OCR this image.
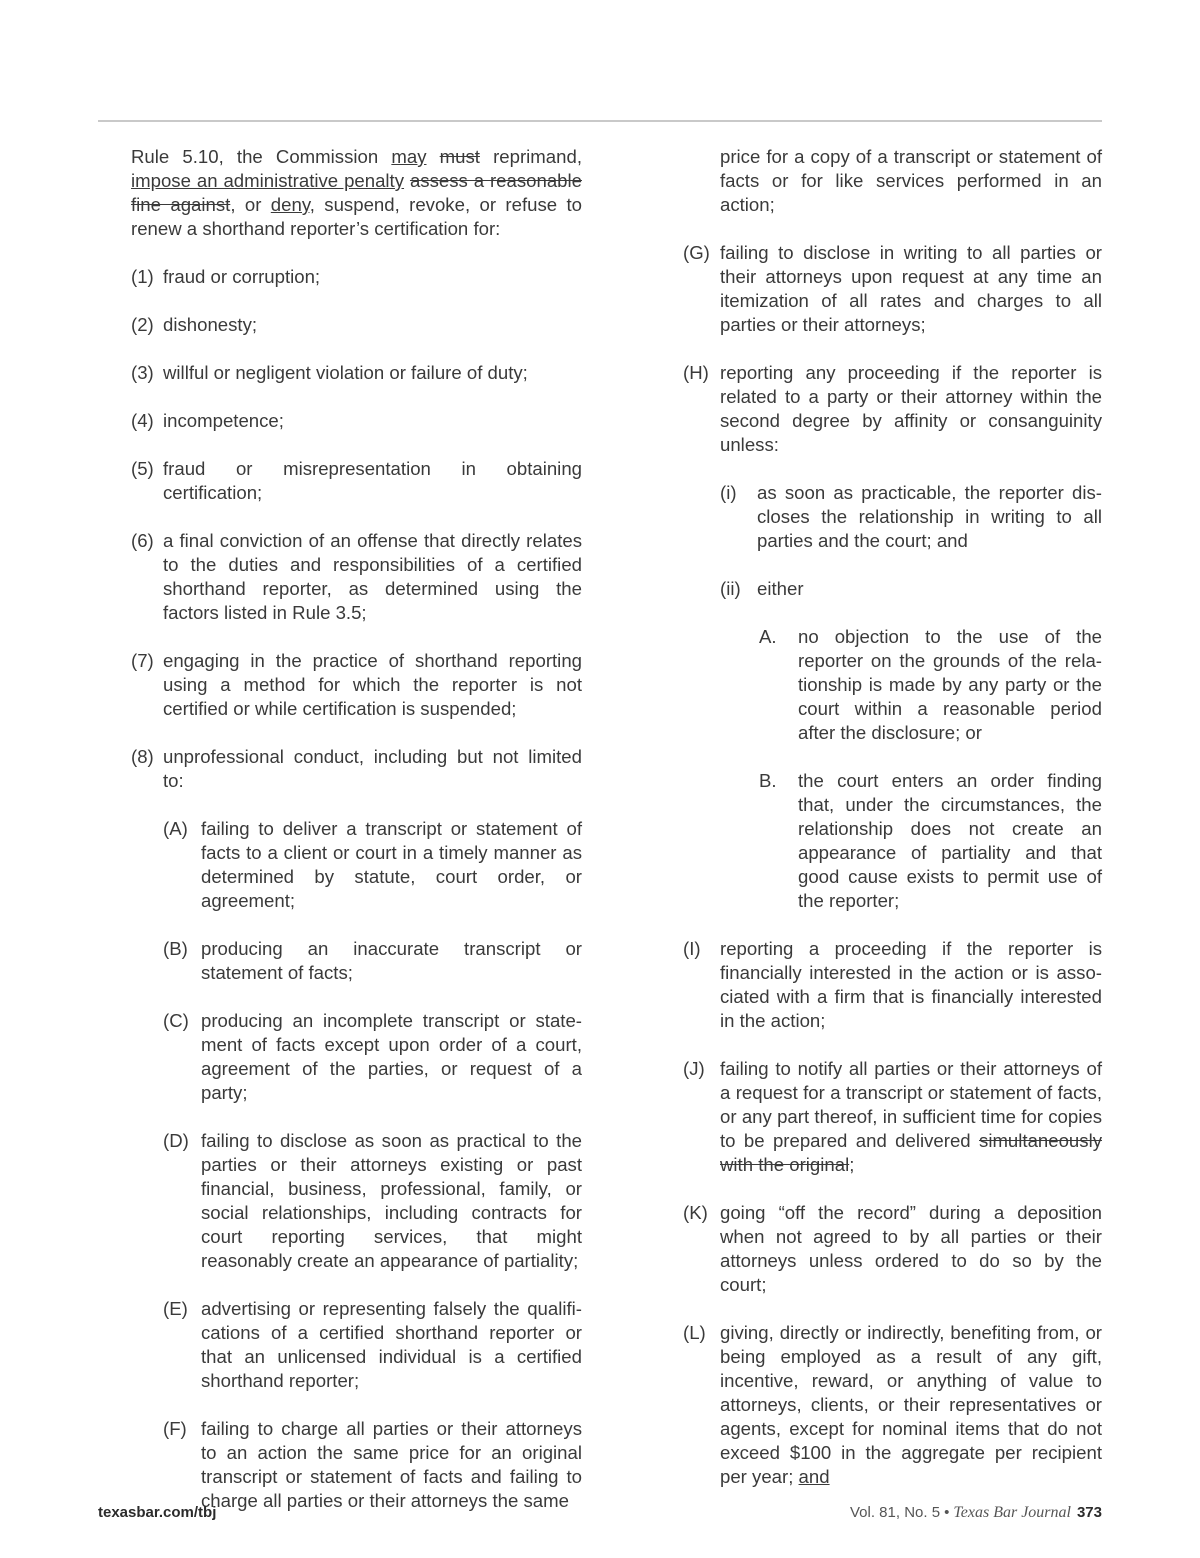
Rule 5.10, the Commission may must reprimand, impose an administrative penalty assess a reasonable fine against, or deny, suspend, revoke, or refuse to renew a shorthand reporter’s certification for:

(1) fraud or corruption;
(2) dishonesty;
(3) willful or negligent violation or failure of duty;
(4) incompetence;
(5) fraud or misrepresentation in obtaining certification;
(6) a final conviction of an offense that directly relates to the duties and responsibilities of a certified shorthand reporter, as determined using the factors listed in Rule 3.5;
(7) engaging in the practice of shorthand reporting using a method for which the reporter is not certified or while certification is suspended;
(8) unprofessional conduct, including but not limited to:
(A) failing to deliver a transcript or statement of facts to a client or court in a timely manner as determined by statute, court order, or agreement;
(B) producing an inaccurate transcript or statement of facts;
(C) producing an incomplete transcript or statement of facts except upon order of a court, agreement of the parties, or request of a party;
(D) failing to disclose as soon as practical to the parties or their attorneys existing or past financial, business, professional, family, or social relationships, including contracts for court reporting services, that might reasonably create an appearance of partiality;
(E) advertising or representing falsely the qualifications of a certified shorthand reporter or that an unlicensed individual is a certified shorthand reporter;
(F) failing to charge all parties or their attorneys to an action the same price for an original transcript or statement of facts and failing to charge all parties or their attorneys the same
price for a copy of a transcript or statement of facts or for like services performed in an action;
(G) failing to disclose in writing to all parties or their attorneys upon request at any time an itemization of all rates and charges to all parties or their attorneys;
(H) reporting any proceeding if the reporter is related to a party or their attorney within the second degree by affinity or consanguinity unless:
(i)	as soon as practicable, the reporter discloses the relationship in writing to all parties and the court; and
(ii) either
A.	no objection to the use of the reporter on the grounds of the relationship is made by any party or the court within a reasonable period after the disclosure; or
B.	the court enters an order finding that, under the circumstances, the relationship does not create an appearance of partiality and that good cause exists to permit use of the reporter;
(I)	reporting a proceeding if the reporter is financially interested in the action or is associated with a firm that is financially interested in the action;
(J) failing to notify all parties or their attorneys of a request for a transcript or statement of facts, or any part thereof, in sufficient time for copies to be prepared and delivered simultaneously with the original;
(K) going “off the record” during a deposition when not agreed to by all parties or their attorneys unless ordered to do so by the court;
(L) giving, directly or indirectly, benefiting from, or being employed as a result of any gift, incentive, reward, or anything of value to attorneys, clients, or their representatives or agents, except for nominal items that do not exceed $100 in the aggregate per recipient per year; and
texasbar.com/tbj	Vol. 81, No. 5 • Texas Bar Journal 373
